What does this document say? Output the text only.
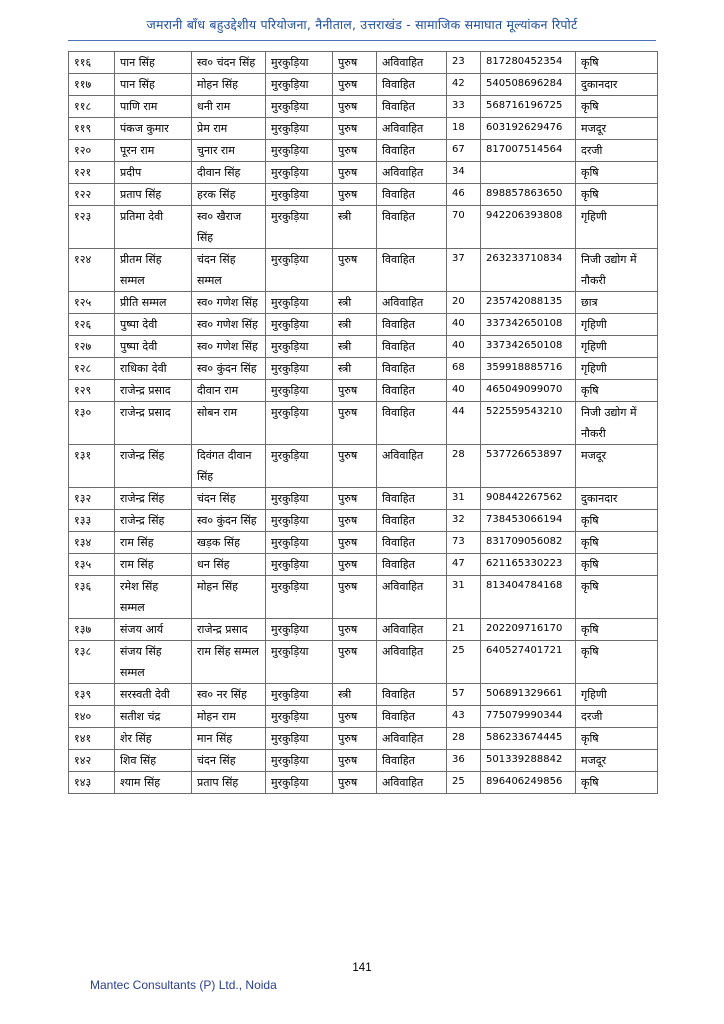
जमरानी बाँध बहुउद्देशीय परियोजना, नैनीताल, उत्तराखंड - सामाजिक समाघात मूल्यांकन रिपोर्ट
११६	पान सिंह	स्व० चंदन सिंह	मुरकुड़िया	पुरुष	अविवाहित	23	817280452354	कृषि
११७	पान सिंह	मोहन सिंह	मुरकुड़िया	पुरुष	विवाहित	42	540508696284	दुकानदार
११८	पाणि राम	धनी राम	मुरकुड़िया	पुरुष	विवाहित	33	568716196725	कृषि
११९	पंकज कुमार	प्रेम राम	मुरकुड़िया	पुरुष	अविवाहित	18	603192629476	मजदूर
१२०	पूरन राम	चुनार राम	मुरकुड़िया	पुरुष	विवाहित	67	817007514564	दरजी
१२१	प्रदीप	दीवान सिंह	मुरकुड़िया	पुरुष	अविवाहित	34		कृषि
१२२	प्रताप सिंह	हरक सिंह	मुरकुड़िया	पुरुष	विवाहित	46	898857863650	कृषि
१२३	प्रतिमा देवी	स्व० खैराज सिंह	मुरकुड़िया	स्त्री	विवाहित	70	942206393808	गृहिणी
१२४	प्रीतम सिंह सम्मल	चंदन सिंह सम्मल	मुरकुड़िया	पुरुष	विवाहित	37	263233710834	निजी उद्योग में नौकरी
१२५	प्रीति सम्मल	स्व० गणेश सिंह	मुरकुड़िया	स्त्री	अविवाहित	20	235742088135	छात्र
१२६	पुष्पा देवी	स्व० गणेश सिंह	मुरकुड़िया	स्त्री	विवाहित	40	337342650108	गृहिणी
१२७	पुष्पा देवी	स्व० गणेश सिंह	मुरकुड़िया	स्त्री	विवाहित	40	337342650108	गृहिणी
१२८	राधिका देवी	स्व० कुंदन सिंह	मुरकुड़िया	स्त्री	विवाहित	68	359918885716	गृहिणी
१२९	राजेन्द्र प्रसाद	दीवान राम	मुरकुड़िया	पुरुष	विवाहित	40	465049099070	कृषि
१३०	राजेन्द्र प्रसाद	सोबन राम	मुरकुड़िया	पुरुष	विवाहित	44	522559543210	निजी उद्योग में नौकरी
१३१	राजेन्द्र सिंह	दिवंगत दीवान सिंह	मुरकुड़िया	पुरुष	अविवाहित	28	537726653897	मजदूर
१३२	राजेन्द्र सिंह	चंदन सिंह	मुरकुड़िया	पुरुष	विवाहित	31	908442267562	दुकानदार
१३३	राजेन्द्र सिंह	स्व० कुंदन सिंह	मुरकुड़िया	पुरुष	विवाहित	32	738453066194	कृषि
१३४	राम सिंह	खड़क सिंह	मुरकुड़िया	पुरुष	विवाहित	73	831709056082	कृषि
१३५	राम सिंह	धन सिंह	मुरकुड़िया	पुरुष	विवाहित	47	621165330223	कृषि
१३६	रमेश सिंह सम्मल	मोहन सिंह	मुरकुड़िया	पुरुष	अविवाहित	31	813404784168	कृषि
१३७	संजय आर्य	राजेन्द्र प्रसाद	मुरकुड़िया	पुरुष	अविवाहित	21	202209716170	कृषि
१३८	संजय सिंह सम्मल	राम सिंह सम्मल	मुरकुड़िया	पुरुष	अविवाहित	25	640527401721	कृषि
१३९	सरस्वती देवी	स्व० नर सिंह	मुरकुड़िया	स्त्री	विवाहित	57	506891329661	गृहिणी
१४०	सतीश चंद्र	मोहन राम	मुरकुड़िया	पुरुष	विवाहित	43	775079990344	दरजी
१४१	शेर सिंह	मान सिंह	मुरकुड़िया	पुरुष	अविवाहित	28	586233674445	कृषि
१४२	शिव सिंह	चंदन सिंह	मुरकुड़िया	पुरुष	विवाहित	36	501339288842	मजदूर
१४३	श्याम सिंह	प्रताप सिंह	मुरकुड़िया	पुरुष	अविवाहित	25	896406249856	कृषि
141
Mantec Consultants (P) Ltd., Noida
